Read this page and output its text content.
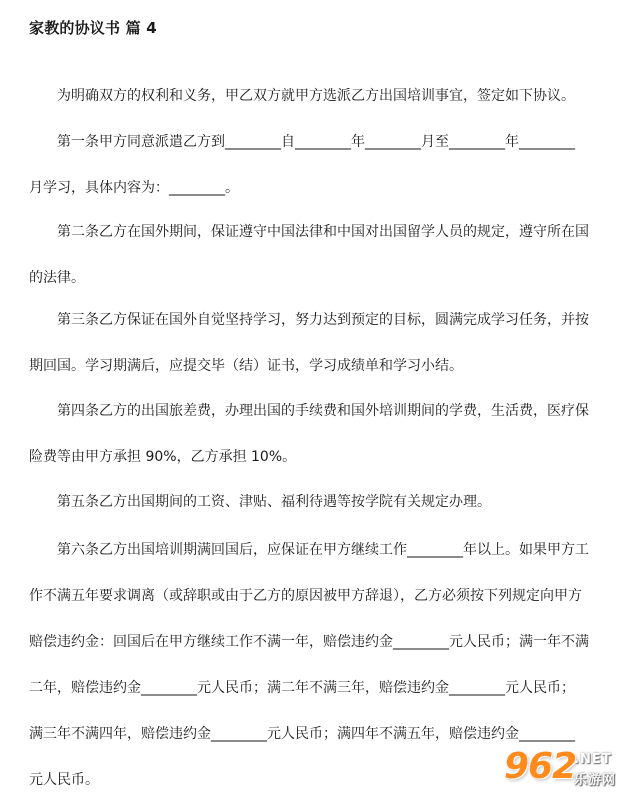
家教的协议书 篇 4

为明确双方的权利和义务，甲乙双方就甲方选派乙方出国培训事宜，签定如下协议。

第一条甲方同意派遣乙方到________自________年________月至________年________
月学习，具体内容为：________。

第二条乙方在国外期间，保证遵守中国法律和中国对出国留学人员的规定，遵守所在国
的法律。

第三条乙方保证在国外自觉坚持学习，努力达到预定的目标，圆满完成学习任务，并按
期回国。学习期满后，应提交毕（结）证书，学习成绩单和学习小结。

第四条乙方的出国旅差费，办理出国的手续费和国外培训期间的学费，生活费，医疗保
险费等由甲方承担 90%，乙方承担 10%。

第五条乙方出国期间的工资、津贴、福利待遇等按学院有关规定办理。

第六条乙方出国培训期满回国后，应保证在甲方继续工作________年以上。如果甲方工
作不满五年要求调离（或辞职或由于乙方的原因被甲方辞退），乙方必须按下列规定向甲方
赔偿违约金：回国后在甲方继续工作不满一年，赔偿违约金________元人民币；满一年不满
二年，赔偿违约金________元人民币；满二年不满三年，赔偿违约金________元人民币；
满三年不满四年，赔偿违约金________元人民币；满四年不满五年，赔偿违约金________
元人民币。	962
.NET
乐游网
